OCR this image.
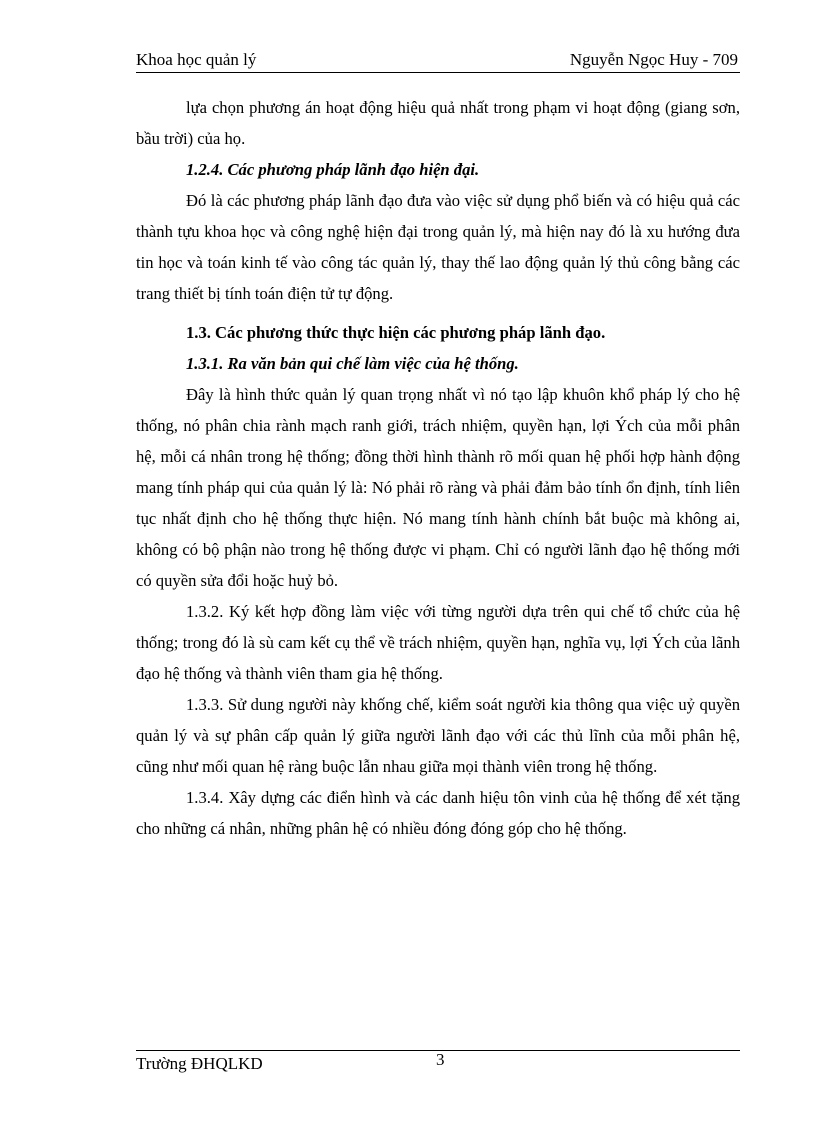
Khoa học quản lý	Nguyễn Ngọc Huy - 709

lựa chọn phương án hoạt động hiệu quả nhất trong phạm vi hoạt động (giang sơn, bầu trời) của họ.

1.2.4. Các phương pháp lãnh đạo hiện đại.

Đó là các phương pháp lãnh đạo đưa vào việc sử dụng phổ biến và có hiệu quả các thành tựu khoa học và công nghệ hiện đại trong quản lý, mà hiện nay đó là xu hướng đưa tin học và toán kinh tế vào công tác quản lý, thay thế lao động quản lý thủ công bằng các trang thiết bị tính toán điện tử tự động.

1.3. Các phương thức thực hiện các phương pháp lãnh đạo.

1.3.1. Ra văn bản qui chế làm việc của hệ thống.

Đây là hình thức quản lý quan trọng nhất vì nó tạo lập khuôn khổ pháp lý cho hệ thống, nó phân chia rành mạch ranh giới, trách nhiệm, quyền hạn, lợi Ých của mỗi phân hệ, mỗi cá nhân trong hệ thống; đồng thời hình thành rõ mối quan hệ phối hợp hành động mang tính pháp qui của quản lý là: Nó phải rõ ràng và phải đảm bảo tính ổn định, tính liên tục nhất định cho hệ thống thực hiện. Nó mang tính hành chính bắt buộc mà không ai, không có bộ phận nào trong hệ thống được vi phạm. Chỉ có người lãnh đạo hệ thống mới có quyền sửa đổi hoặc huỷ bỏ.

1.3.2. Ký kết hợp đồng làm việc với từng người dựa trên qui chế tổ chức của hệ thống; trong đó là sù cam kết cụ thể về trách nhiệm, quyền hạn, nghĩa vụ, lợi Ých của lãnh đạo hệ thống và thành viên tham gia hệ thống.

1.3.3. Sử dung người này khống chế, kiểm soát người kia thông qua việc uỷ quyền quản lý và sự phân cấp quản lý giữa người lãnh đạo với các thủ lĩnh của mỗi phân hệ, cũng như mối quan hệ ràng buộc lẫn nhau giữa mọi thành viên trong hệ thống.

1.3.4. Xây dựng các điển hình và các danh hiệu tôn vinh của hệ thống để xét tặng cho những cá nhân, những phân hệ có nhiều đóng đóng góp cho hệ thống.

Trường ĐHQLKD	3
